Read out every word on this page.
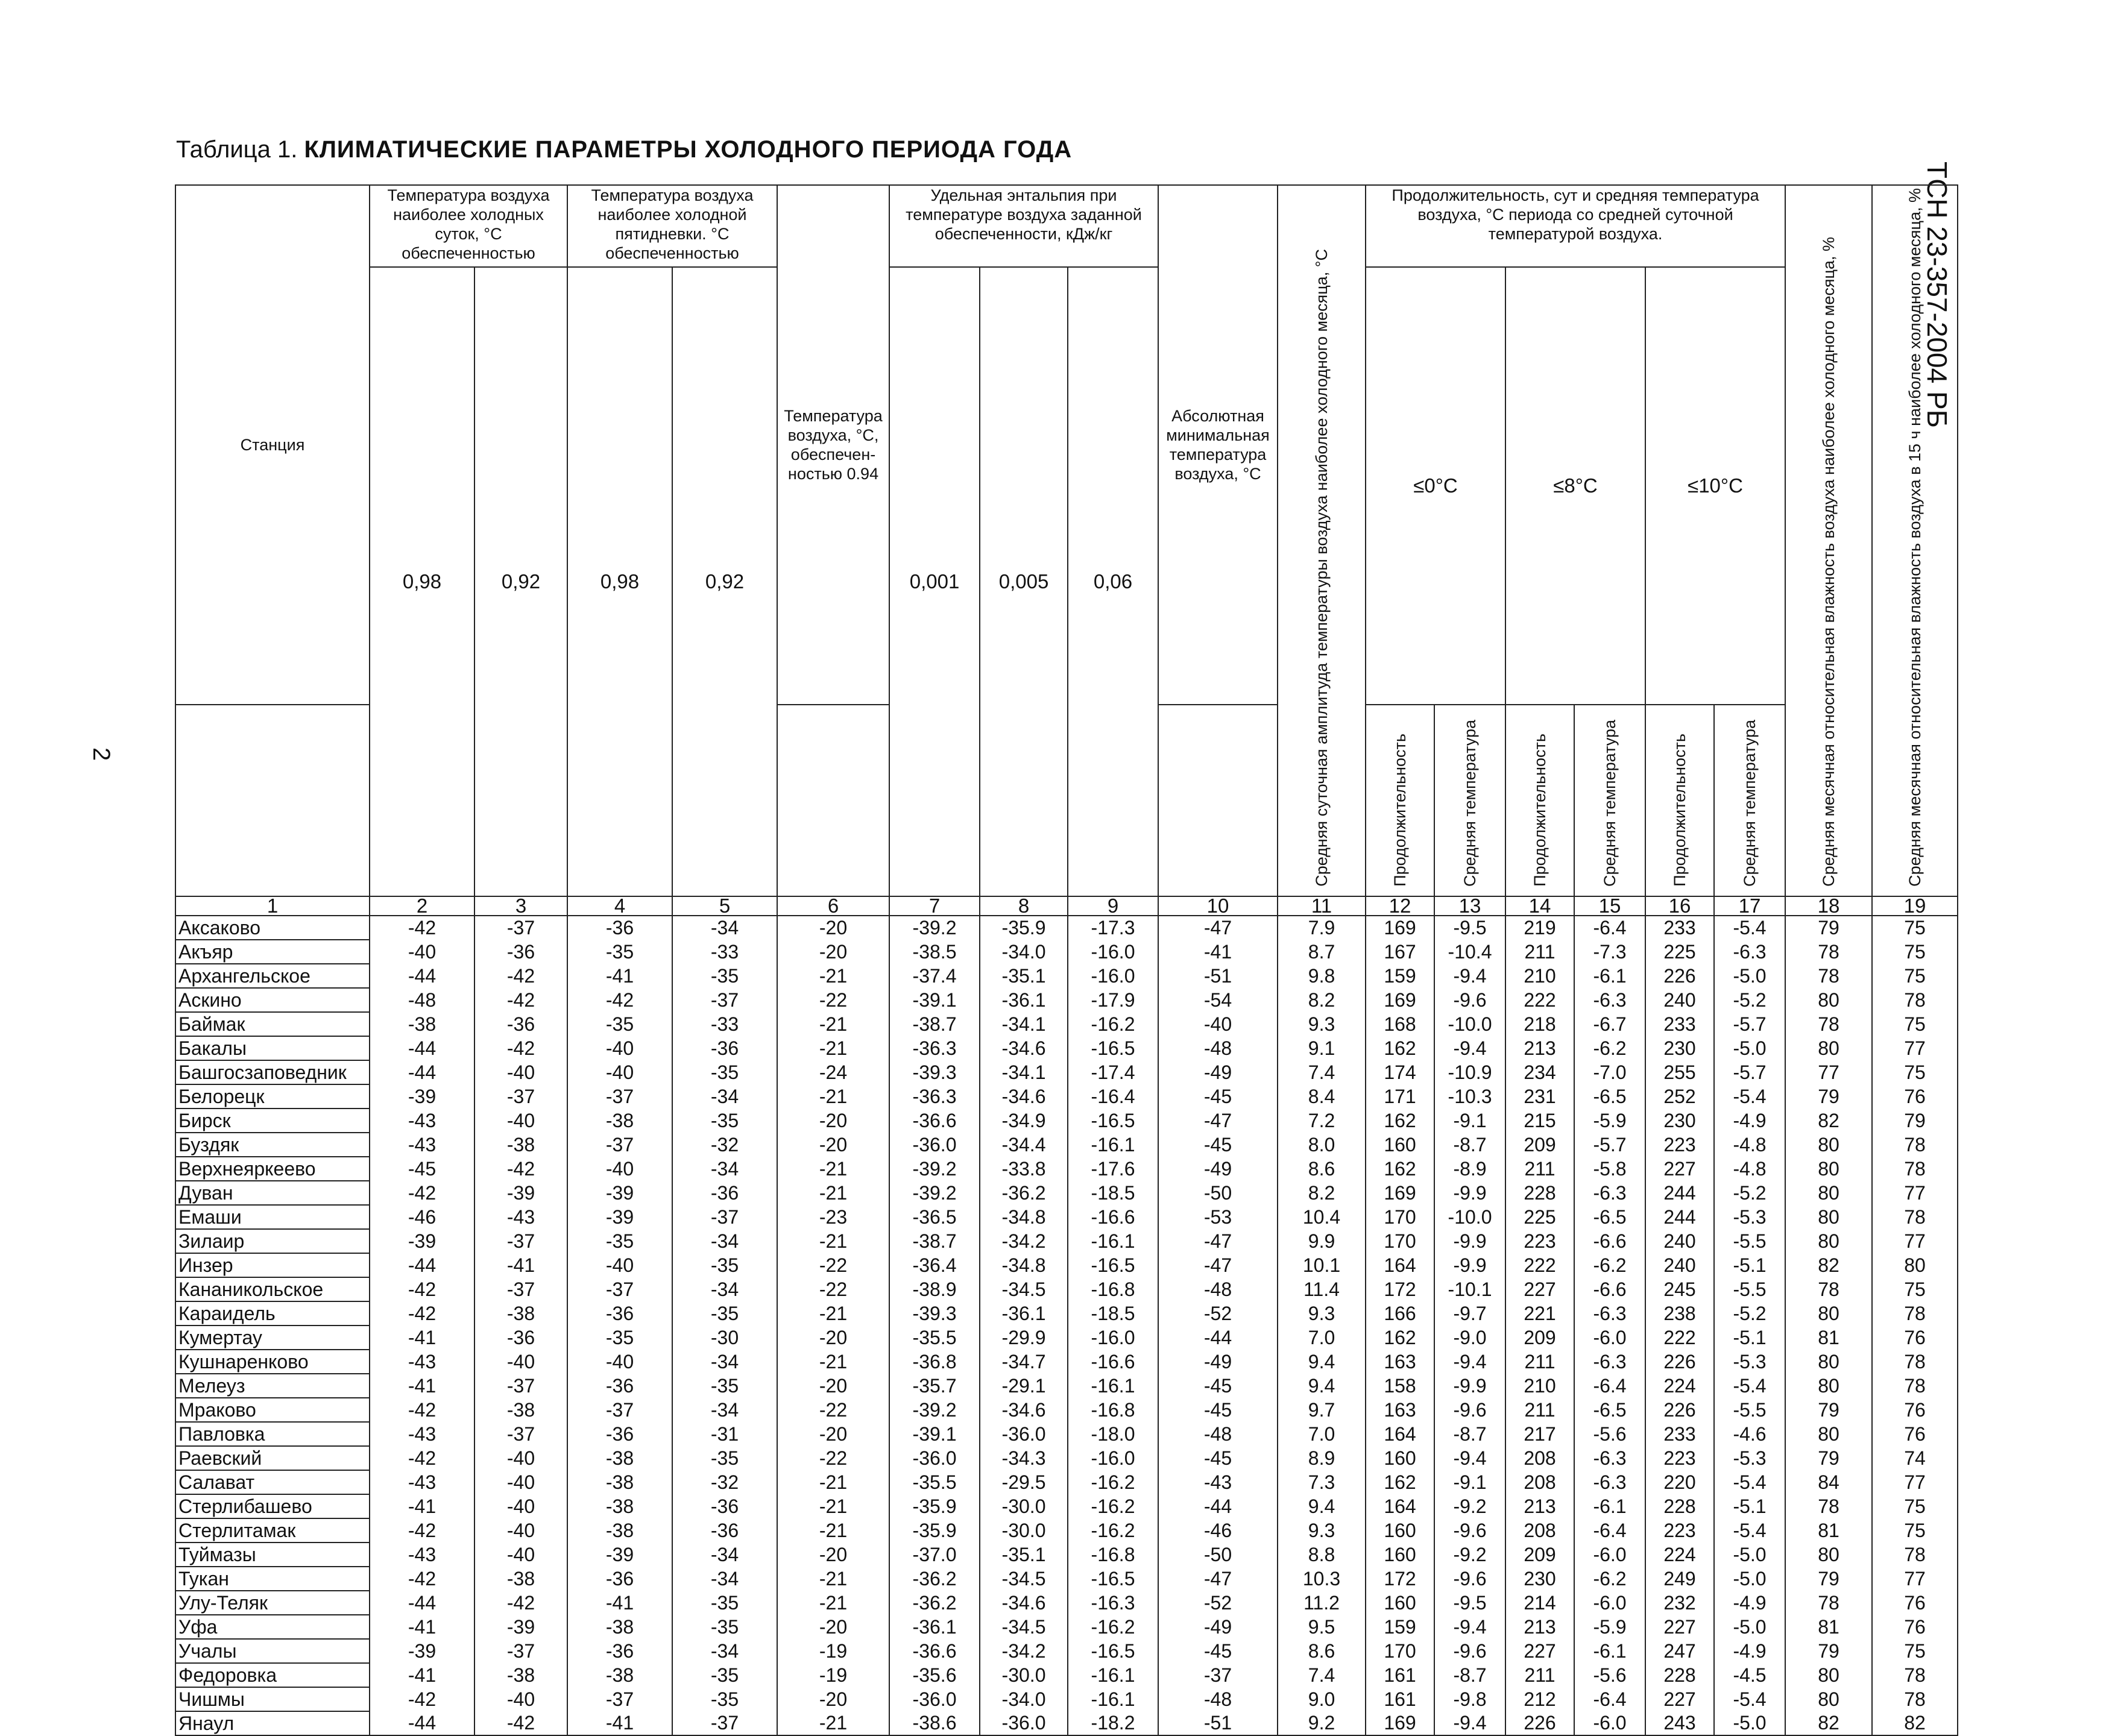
Таблица 1. КЛИМАТИЧЕСКИЕ ПАРАМЕТРЫ ХОЛОДНОГО ПЕРИОДА ГОДА
ТСН 23-357-2004 РБ
2
Станция	Температура воздуха наиболее холодных суток, °С обеспеченностью		Температура воздуха наиболее холодной пятидневки. °С обеспеченностью		Температура воздуха, °С, обеспечен-ностью 0.94	Удельная энтальпия при температуре воздуха заданной обеспеченности, кДж/кг			Абсолютная минимальная температура воздуха, °С	Средняя суточная амплитуда температуры воздуха наиболее холодного месяца, °С	Продолжительность, сут и средняя температура воздуха, °С периода со средней суточной температурой воздуха.						Средняя месячная относительная влажность воздуха наиболее холодного месяца, %	Средняя месячная относительная влажность воздуха в 15 ч наиболее холодного месяца, %
	0,98	0,92	0,98	0,92		0,001	0,005	0,06			≤0°С		≤8°С		≤10°С			
											Продолжительность	Средняя температура	Продолжительность	Средняя температура	Продолжительность	Средняя температура		
1	2	3	4	5	6	7	8	9	10	11	12	13	14	15	16	17	18	19
Аксаково	-42	-37	-36	-34	-20	-39.2	-35.9	-17.3	-47	7.9	169	-9.5	219	-6.4	233	-5.4	79	75
Акъяр	-40	-36	-35	-33	-20	-38.5	-34.0	-16.0	-41	8.7	167	-10.4	211	-7.3	225	-6.3	78	75
Архангельское	-44	-42	-41	-35	-21	-37.4	-35.1	-16.0	-51	9.8	159	-9.4	210	-6.1	226	-5.0	78	75
Аскино	-48	-42	-42	-37	-22	-39.1	-36.1	-17.9	-54	8.2	169	-9.6	222	-6.3	240	-5.2	80	78
Баймак	-38	-36	-35	-33	-21	-38.7	-34.1	-16.2	-40	9.3	168	-10.0	218	-6.7	233	-5.7	78	75
Бакалы	-44	-42	-40	-36	-21	-36.3	-34.6	-16.5	-48	9.1	162	-9.4	213	-6.2	230	-5.0	80	77
Башгосзаповедник	-44	-40	-40	-35	-24	-39.3	-34.1	-17.4	-49	7.4	174	-10.9	234	-7.0	255	-5.7	77	75
Белорецк	-39	-37	-37	-34	-21	-36.3	-34.6	-16.4	-45	8.4	171	-10.3	231	-6.5	252	-5.4	79	76
Бирск	-43	-40	-38	-35	-20	-36.6	-34.9	-16.5	-47	7.2	162	-9.1	215	-5.9	230	-4.9	82	79
Буздяк	-43	-38	-37	-32	-20	-36.0	-34.4	-16.1	-45	8.0	160	-8.7	209	-5.7	223	-4.8	80	78
Верхнеяркеево	-45	-42	-40	-34	-21	-39.2	-33.8	-17.6	-49	8.6	162	-8.9	211	-5.8	227	-4.8	80	78
Дуван	-42	-39	-39	-36	-21	-39.2	-36.2	-18.5	-50	8.2	169	-9.9	228	-6.3	244	-5.2	80	77
Емаши	-46	-43	-39	-37	-23	-36.5	-34.8	-16.6	-53	10.4	170	-10.0	225	-6.5	244	-5.3	80	78
Зилаир	-39	-37	-35	-34	-21	-38.7	-34.2	-16.1	-47	9.9	170	-9.9	223	-6.6	240	-5.5	80	77
Инзер	-44	-41	-40	-35	-22	-36.4	-34.8	-16.5	-47	10.1	164	-9.9	222	-6.2	240	-5.1	82	80
Кананикольское	-42	-37	-37	-34	-22	-38.9	-34.5	-16.8	-48	11.4	172	-10.1	227	-6.6	245	-5.5	78	75
Караидель	-42	-38	-36	-35	-21	-39.3	-36.1	-18.5	-52	9.3	166	-9.7	221	-6.3	238	-5.2	80	78
Кумертау	-41	-36	-35	-30	-20	-35.5	-29.9	-16.0	-44	7.0	162	-9.0	209	-6.0	222	-5.1	81	76
Кушнаренково	-43	-40	-40	-34	-21	-36.8	-34.7	-16.6	-49	9.4	163	-9.4	211	-6.3	226	-5.3	80	78
Мелеуз	-41	-37	-36	-35	-20	-35.7	-29.1	-16.1	-45	9.4	158	-9.9	210	-6.4	224	-5.4	80	78
Мраково	-42	-38	-37	-34	-22	-39.2	-34.6	-16.8	-45	9.7	163	-9.6	211	-6.5	226	-5.5	79	76
Павловка	-43	-37	-36	-31	-20	-39.1	-36.0	-18.0	-48	7.0	164	-8.7	217	-5.6	233	-4.6	80	76
Раевский	-42	-40	-38	-35	-22	-36.0	-34.3	-16.0	-45	8.9	160	-9.4	208	-6.3	223	-5.3	79	74
Салават	-43	-40	-38	-32	-21	-35.5	-29.5	-16.2	-43	7.3	162	-9.1	208	-6.3	220	-5.4	84	77
Стерлибашево	-41	-40	-38	-36	-21	-35.9	-30.0	-16.2	-44	9.4	164	-9.2	213	-6.1	228	-5.1	78	75
Стерлитамак	-42	-40	-38	-36	-21	-35.9	-30.0	-16.2	-46	9.3	160	-9.6	208	-6.4	223	-5.4	81	75
Туймазы	-43	-40	-39	-34	-20	-37.0	-35.1	-16.8	-50	8.8	160	-9.2	209	-6.0	224	-5.0	80	78
Тукан	-42	-38	-36	-34	-21	-36.2	-34.5	-16.5	-47	10.3	172	-9.6	230	-6.2	249	-5.0	79	77
Улу-Теляк	-44	-42	-41	-35	-21	-36.2	-34.6	-16.3	-52	11.2	160	-9.5	214	-6.0	232	-4.9	78	76
Уфа	-41	-39	-38	-35	-20	-36.1	-34.5	-16.2	-49	9.5	159	-9.4	213	-5.9	227	-5.0	81	76
Учалы	-39	-37	-36	-34	-19	-36.6	-34.2	-16.5	-45	8.6	170	-9.6	227	-6.1	247	-4.9	79	75
Федоровка	-41	-38	-38	-35	-19	-35.6	-30.0	-16.1	-37	7.4	161	-8.7	211	-5.6	228	-4.5	80	78
Чишмы	-42	-40	-37	-35	-20	-36.0	-34.0	-16.1	-48	9.0	161	-9.8	212	-6.4	227	-5.4	80	78
Янаул	-44	-42	-41	-37	-21	-38.6	-36.0	-18.2	-51	9.2	169	-9.4	226	-6.0	243	-5.0	82	82
